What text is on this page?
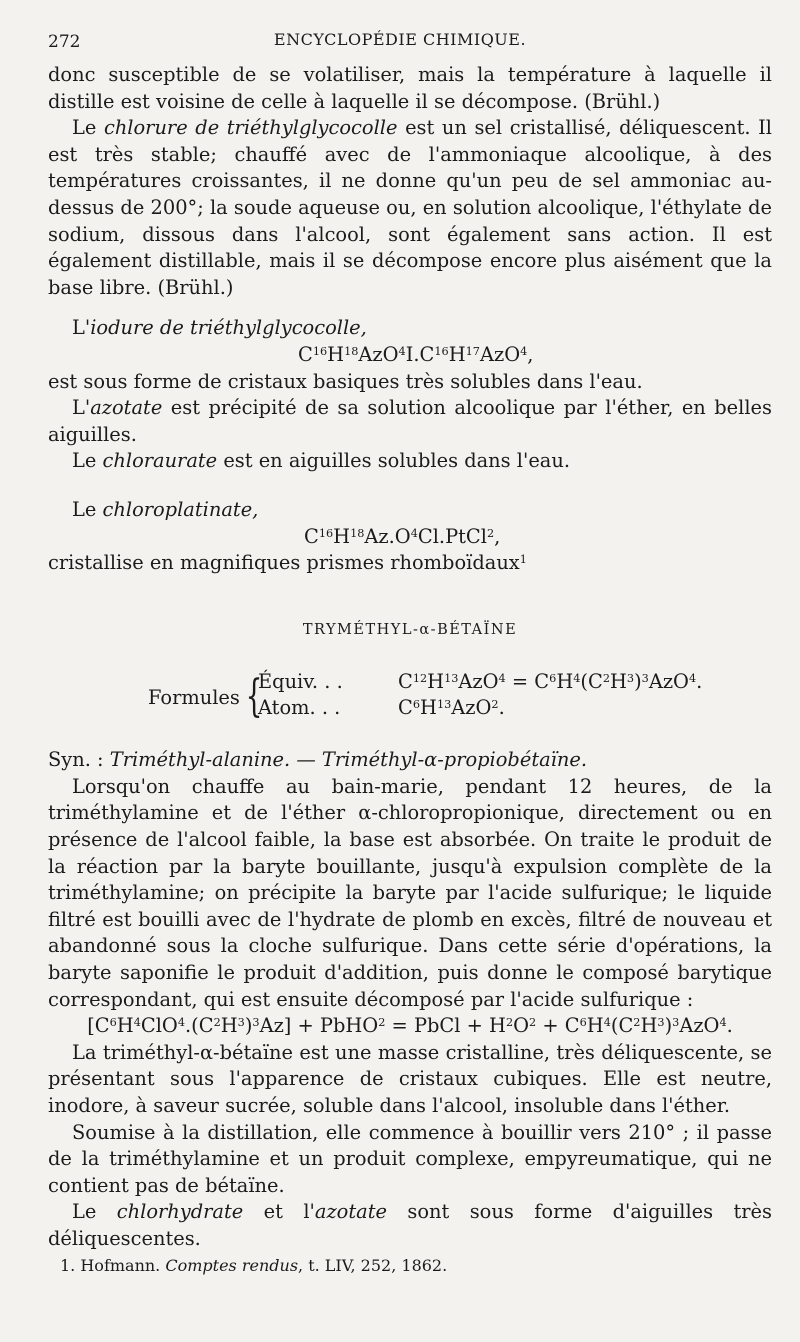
272	ENCYCLOPÉDIE CHIMIQUE.

donc susceptible de se volatiliser, mais la température à laquelle il distille est voisine de celle à laquelle il se décompose. (Brühl.)

Le chlorure de triéthylglycocolle est un sel cristallisé, déliquescent. Il est très stable; chauffé avec de l'ammoniaque alcoolique, à des températures croissantes, il ne donne qu'un peu de sel ammoniac au-dessus de 200°; la soude aqueuse ou, en solution alcoolique, l'éthylate de sodium, dissous dans l'alcool, sont également sans action. Il est également distillable, mais il se décompose encore plus aisément que la base libre. (Brühl.)

L'iodure de triéthylglycocolle,

$C^{16}H^{18}AzO^4I.C^{16}H^{17}AzO^4$,

est sous forme de cristaux basiques très solubles dans l'eau.

L'azotate est précipité de sa solution alcoolique par l'éther, en belles aiguilles.

Le chloraurate est en aiguilles solubles dans l'eau.

Le chloroplatinate,

$C^{16}H^{18}Az.O^4Cl.PtCl^2$,

cristallise en magnifiques prismes rhomboïdaux$^1$

TRYMÉTHYL-α-BÉTAÏNE
Formules {
Équiv. . .	$C^{12}H^{13}AzO^4 = C^6H^4(C^2H^3)^3AzO^4$.
Atom. . .	$C^6H^{13}AzO^2$.

Syn. : Triméthyl-alanine. — Triméthyl-α-propiobétaïne.

Lorsqu'on chauffe au bain-marie, pendant 12 heures, de la triméthylamine et de l'éther α-chloropropionique, directement ou en présence de l'alcool faible, la base est absorbée. On traite le produit de la réaction par la baryte bouillante, jusqu'à expulsion complète de la triméthylamine; on précipite la baryte par l'acide sulfurique; le liquide filtré est bouilli avec de l'hydrate de plomb en excès, filtré de nouveau et abandonné sous la cloche sulfurique. Dans cette série d'opérations, la baryte saponifie le produit d'addition, puis donne le composé barytique correspondant, qui est ensuite décomposé par l'acide sulfurique :

$[C^6H^4ClO^4.(C^2H^3)^3Az]$ + PbHO$^2$ = PbCl + $H^2O^2 + C^6H^4(C^2H^3)^3AzO^4$.

La triméthyl-α-bétaïne est une masse cristalline, très déliquescente, se présentant sous l'apparence de cristaux cubiques. Elle est neutre, inodore, à saveur sucrée, soluble dans l'alcool, insoluble dans l'éther.

Soumise à la distillation, elle commence à bouillir vers 210° ; il passe de la triméthylamine et un produit complexe, empyreumatique, qui ne contient pas de bétaïne.

Le chlorhydrate et l'azotate sont sous forme d'aiguilles très déliquescentes.

1. Hofmann. Comptes rendus, t. LIV, 252, 1862.
